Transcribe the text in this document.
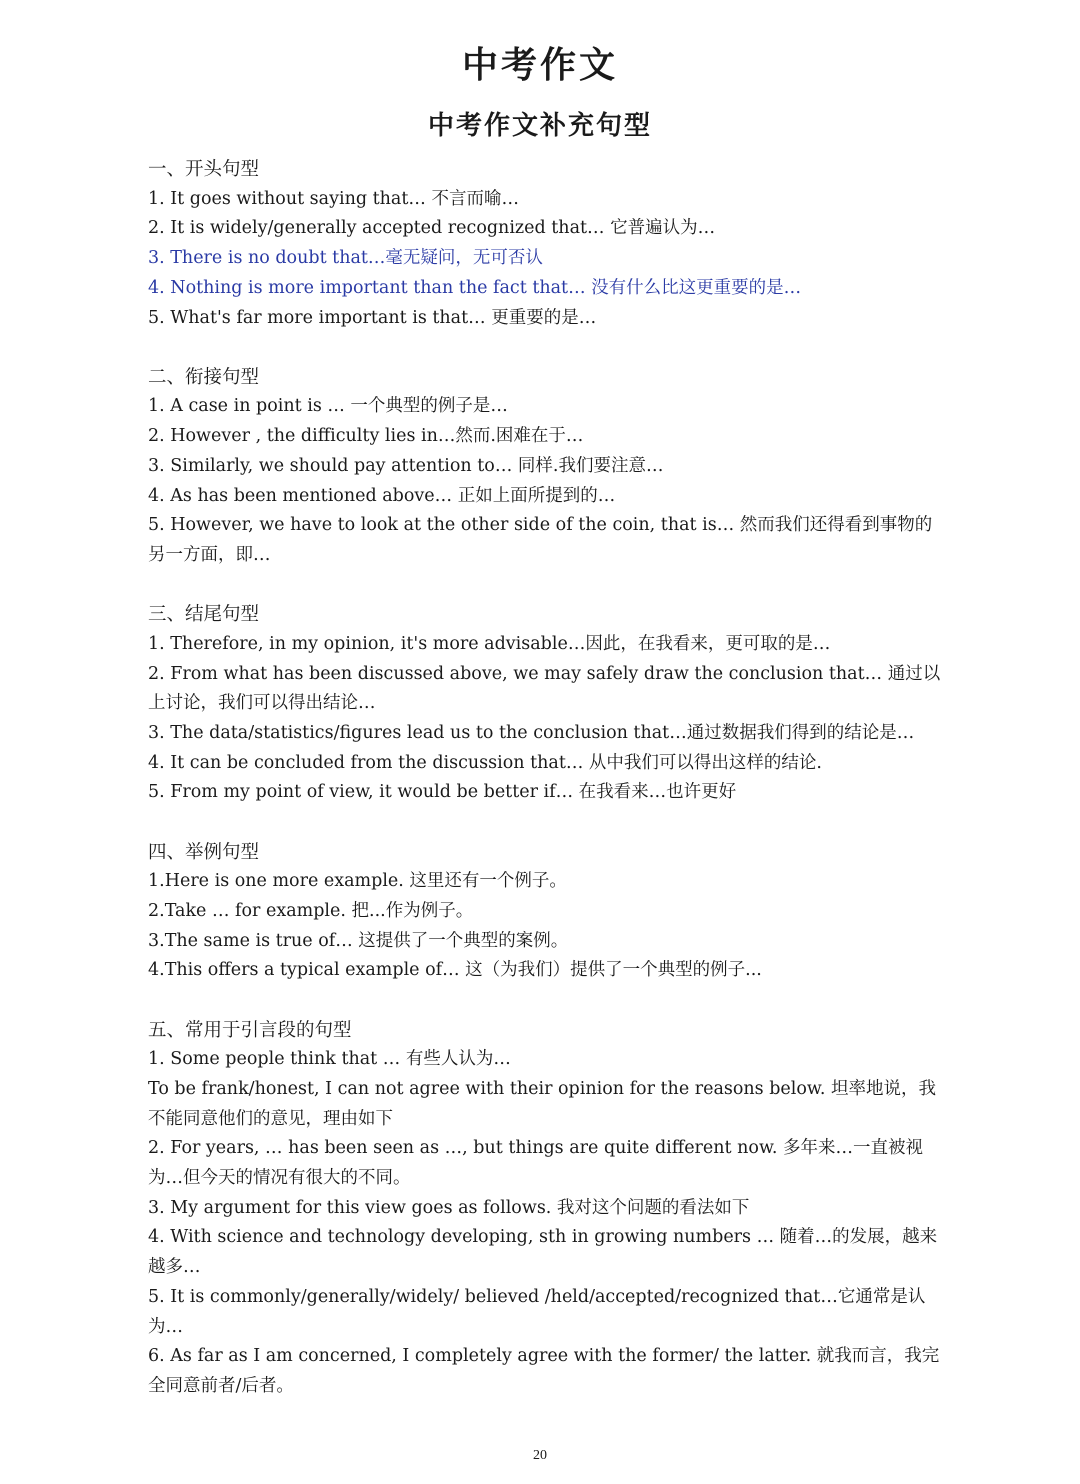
中考作文
中考作文补充句型
一、开头句型
1. It goes without saying that… 不言而喻…
2. It is widely/generally accepted recognized that… 它普遍认为…
3. There is no doubt that…毫无疑问，无可否认
4. Nothing is more important than the fact that… 没有什么比这更重要的是…
5. What's far more important is that… 更重要的是…
二、衔接句型
1. A case in point is … 一个典型的例子是…
2. However , the difficulty lies in…然而.困难在于…
3. Similarly, we should pay attention to… 同样.我们要注意…
4. As has been mentioned above… 正如上面所提到的…
5. However, we have to look at the other side of the coin, that is… 然而我们还得看到事物的另一方面，即…
三、结尾句型
1. Therefore, in my opinion, it's more advisable…因此，在我看来，更可取的是…
2. From what has been discussed above, we may safely draw the conclusion that… 通过以上讨论，我们可以得出结论…
3. The data/statistics/figures lead us to the conclusion that…通过数据我们得到的结论是…
4. It can be concluded from the discussion that… 从中我们可以得出这样的结论.
5. From my point of view, it would be better if… 在我看来…也许更好
四、举例句型
1.Here is one more example. 这里还有一个例子。
2.Take … for example. 把...作为例子。
3.The same is true of… 这提供了一个典型的案例。
4.This offers a typical example of… 这（为我们）提供了一个典型的例子...
五、常用于引言段的句型
1. Some people think that … 有些人认为…
To be frank/honest, I can not agree with their opinion for the reasons below. 坦率地说，我不能同意他们的意见，理由如下
2. For years, … has been seen as …, but things are quite different now. 多年来…一直被视为…但今天的情况有很大的不同。
3. My argument for this view goes as follows. 我对这个问题的看法如下
4. With science and technology developing, sth in growing numbers … 随着…的发展，越来越多…
5. It is commonly/generally/widely/ believed /held/accepted/recognized that…它通常是认为…
6. As far as I am concerned, I completely agree with the former/ the latter. 就我而言，我完全同意前者/后者。
20
